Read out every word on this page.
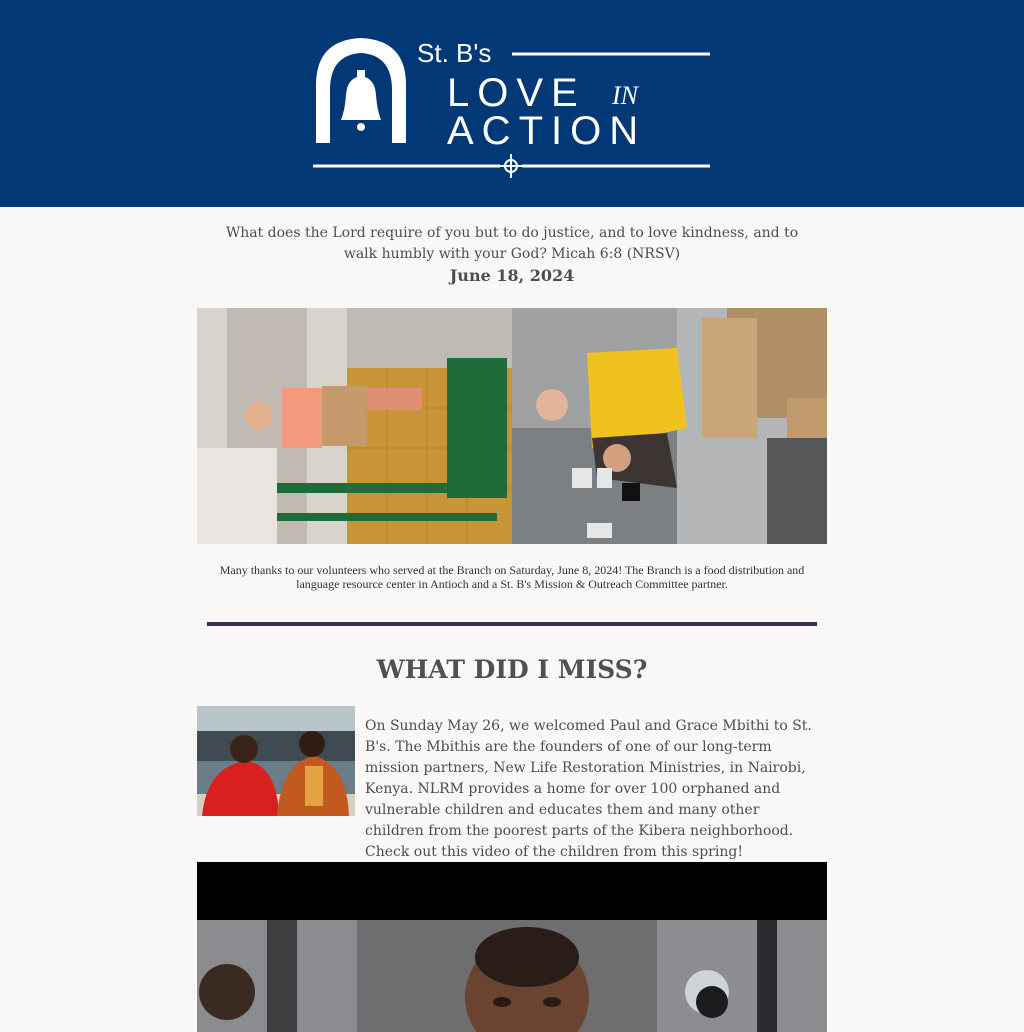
St. B's
LOVE IN
ACTION
What does the Lord require of you but to do justice, and to love kindness, and to walk humbly with your God? Micah 6:8 (NRSV)
June 18, 2024
Many thanks to our volunteers who served at the Branch on Saturday, June 8, 2024! The Branch is a food distribution and language resource center in Antioch and a St. B's Mission & Outreach Committee partner.
WHAT DID I MISS?
On Sunday May 26, we welcomed Paul and Grace Mbithi to St. B's. The Mbithis are the founders of one of our long-term mission partners, New Life Restoration Ministries, in Nairobi, Kenya. NLRM provides a home for over 100 orphaned and vulnerable children and educates them and many other children from the poorest parts of the Kibera neighborhood. Check out this video of the children from this spring!
